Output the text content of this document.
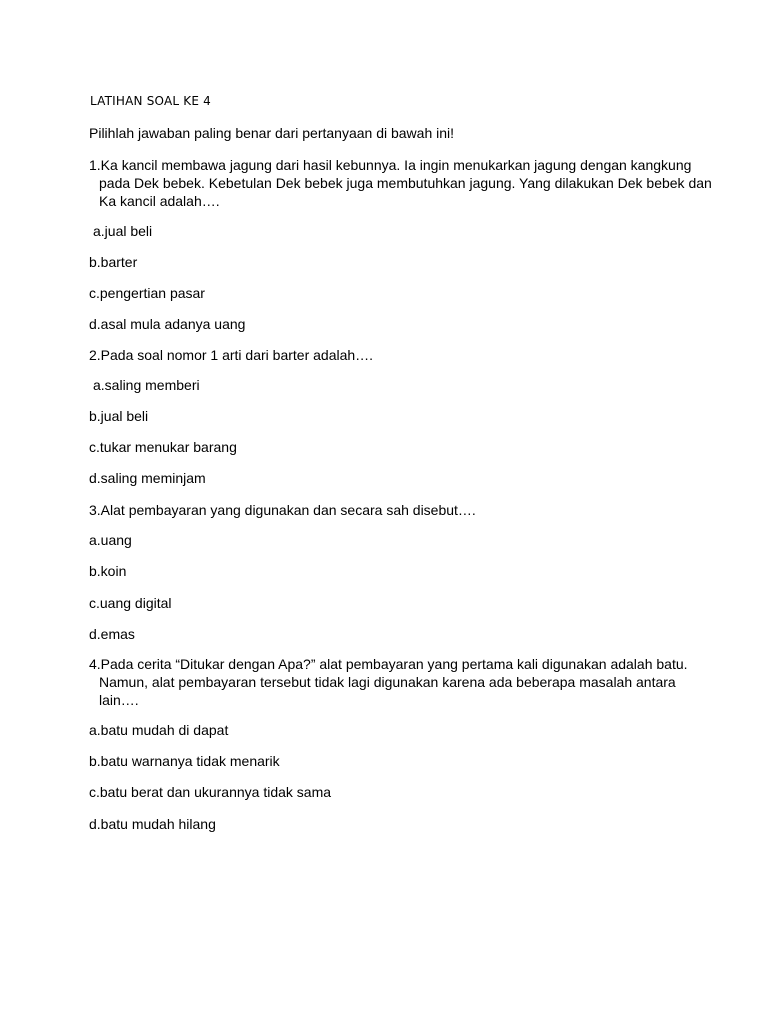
LATIHAN SOAL KE 4
Pilihlah jawaban paling benar dari pertanyaan di bawah ini!
1.Ka kancil membawa jagung dari hasil kebunnya. Ia ingin menukarkan jagung dengan kangkung
pada Dek bebek. Kebetulan Dek bebek juga membutuhkan jagung. Yang dilakukan Dek bebek dan
Ka kancil adalah….
a.jual beli
b.barter
c.pengertian pasar
d.asal mula adanya uang
2.Pada soal nomor 1 arti dari barter adalah….
a.saling memberi
b.jual beli
c.tukar menukar barang
d.saling meminjam
3.Alat pembayaran yang digunakan dan secara sah disebut….
a.uang
b.koin
c.uang digital
d.emas
4.Pada cerita “Ditukar dengan Apa?” alat pembayaran yang pertama kali digunakan adalah batu.
Namun, alat pembayaran tersebut tidak lagi digunakan karena ada beberapa masalah antara
lain….
a.batu mudah di dapat
b.batu warnanya tidak menarik
c.batu berat dan ukurannya tidak sama
d.batu mudah hilang
